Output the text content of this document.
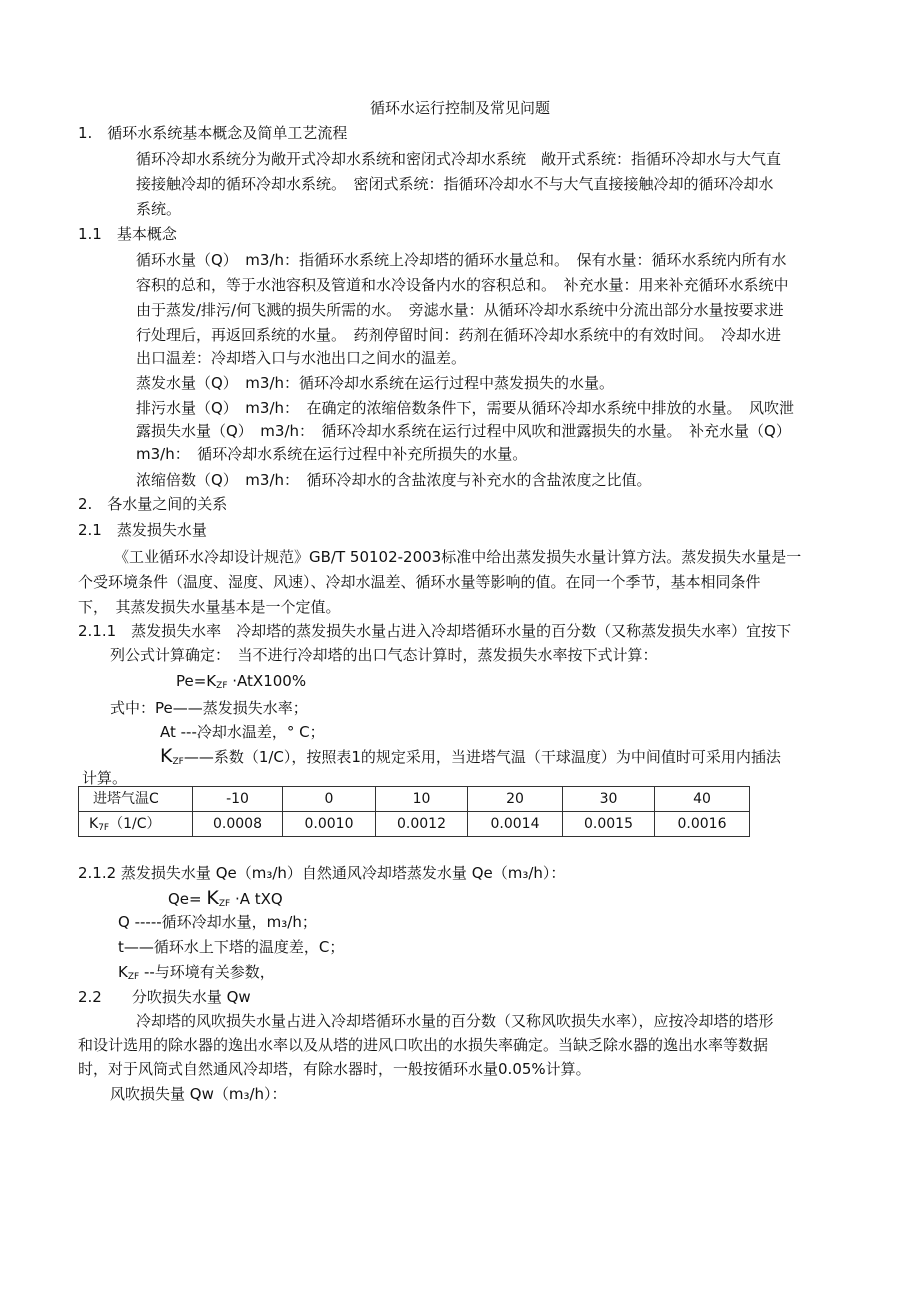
循环水运行控制及常见问题
1.　循环水系统基本概念及简单工艺流程
循环冷却水系统分为敞开式冷却水系统和密闭式冷却水系统　敞开式系统：指循环冷却水与大气直
接接触冷却的循环冷却水系统。　密闭式系统：指循环冷却水不与大气直接接触冷却的循环冷却水
系统。
1.1　基本概念
循环水量（Q）　m3/h：指循环水系统上冷却塔的循环水量总和。　保有水量：循环水系统内所有水
容积的总和，等于水池容积及管道和水冷设备内水的容积总和。　补充水量：用来补充循环水系统中
由于蒸发/排污/何飞溅的损失所需的水。　旁滤水量：从循环冷却水系统中分流出部分水量按要求进
行处理后，再返回系统的水量。　药剂停留时间：药剂在循环冷却水系统中的有效时间。　冷却水进
出口温差：冷却塔入口与水池出口之间水的温差。
蒸发水量（Q）　m3/h：循环冷却水系统在运行过程中蒸发损失的水量。
排污水量（Q）　m3/h：　在确定的浓缩倍数条件下，需要从循环冷却水系统中排放的水量。　风吹泄
露损失水量（Q）　m3/h：　循环冷却水系统在运行过程中风吹和泄露损失的水量。　补充水量（Q）
m3/h：　循环冷却水系统在运行过程中补充所损失的水量。
浓缩倍数（Q）　m3/h：　循环冷却水的含盐浓度与补充水的含盐浓度之比值。
2.　各水量之间的关系
2.1　蒸发损失水量
《工业循环水冷却设计规范》GB/T 50102-2003标准中给出蒸发损失水量计算方法。蒸发损失水量是一
个受环境条件（温度、湿度、风速）、冷却水温差、循环水量等影响的值。在同一个季节，基本相同条件
下，　其蒸发损失水量基本是一个定值。
2.1.1　蒸发损失水率　冷却塔的蒸发损失水量占进入冷却塔循环水量的百分数（又称蒸发损失水率）宜按下
列公式计算确定：　当不进行冷却塔的出口气态计算时，蒸发损失水率按下式计算：
$Pe=K_{ZF} \cdot AtX100\%$
式中：Pe——蒸发损失水率；
At ---冷却水温差，° C；
$K_{ZF}——$系数（1/C），按照表1的规定采用，当进塔气温（干球温度）为中间值时可采用内插法
计算。
进塔气温C	-10	0	10	20	30	40
$K_{7F}(1/C)$	0.0008	0.0010	0.0012	0.0014	0.0015	0.0016
2.1.2 蒸发损失水量 Qe（m₃/h）自然通风冷却塔蒸发水量 Qe（m₃/h）：
$Qe= K_{ZF} \cdot A$ tXQ
Q -----循环冷却水量，m₃/h；
t——循环水上下塔的温度差，C；
$K_{ZF}$ --与环境有关参数，
2.2　　分吹损失水量 Qw
冷却塔的风吹损失水量占进入冷却塔循环水量的百分数（又称风吹损失水率），应按冷却塔的塔形
和设计选用的除水器的逸出水率以及从塔的进风口吹出的水损失率确定。当缺乏除水器的逸出水率等数据
时，对于风筒式自然通风冷却塔，有除水器时，一般按循环水量0.05%计算。
风吹损失量 Qw（m₃/h）：
